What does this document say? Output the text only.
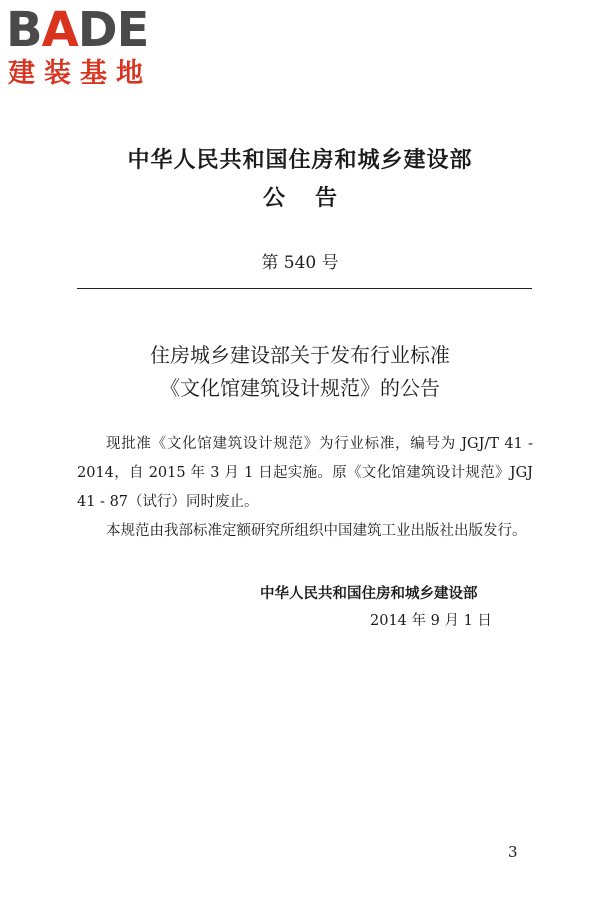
BADE
建装基地
中华人民共和国住房和城乡建设部
公告
第 540 号
住房城乡建设部关于发布行业标准
《文化馆建筑设计规范》的公告

现批准《文化馆建筑设计规范》为行业标准，编号为 JGJ/T 41 - 2014，自 2015 年 3 月 1 日起实施。原《文化馆建筑设计规范》JGJ 41 - 87（试行）同时废止。

本规范由我部标准定额研究所组织中国建筑工业出版社出版发行。

中华人民共和国住房和城乡建设部
2014 年 9 月 1 日
3
